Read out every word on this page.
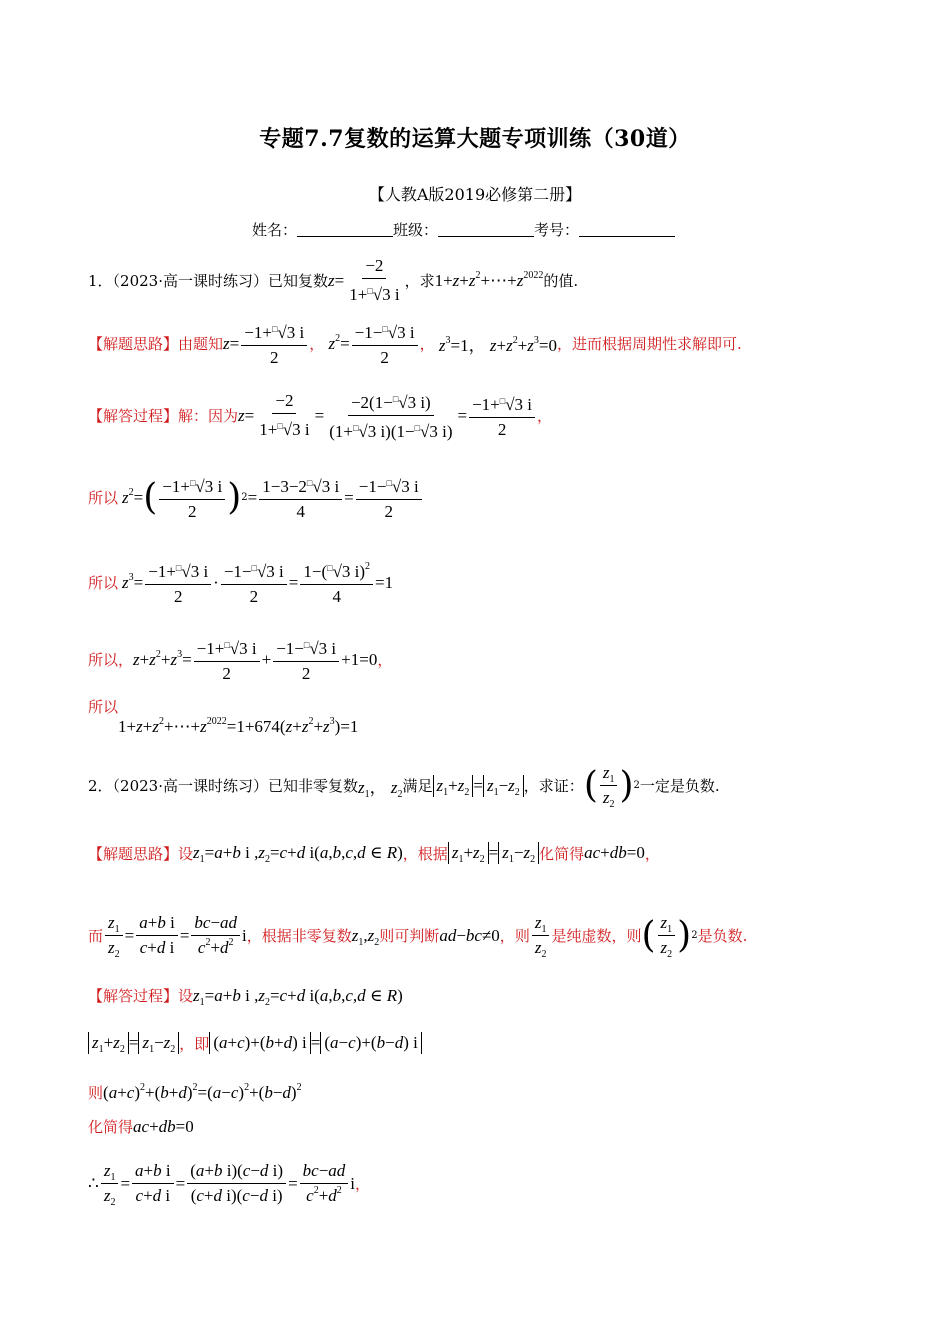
专题7.7复数的运算大题专项训练（30道）
【人教A版2019必修第二册】
姓名：	班级：	考号：
1．（2023·高一课时练习）已知复数 $z = \frac{-2}{1+^□√3 i}$ ，求 $1+z+z^2+\cdots+z^{2022}$ 的值.
【解题思路】 由题知 $z= \frac{-1+^□√3 i}{2}$ ， $z^2= \frac{-1-^□√3 i}{2}$ ， $z^3=1$， $z+z^2+z^3=0$ ，进而根据周期性求解即可.
【解答过程】 解：因为 $z= \frac{-2}{1+^□√3 i} = \frac{-2(1-^□√3 i)}{(1+^□√3 i)(1-^□√3 i)} = \frac{-1+^□√3 i}{2}$ ，
所以 $z^2=$ ( $\frac{-1+^□√3 i}{2}$ ) $2 = \frac{1-3-2^□√3 i}{4} = \frac{-1-^□√3 i}{2}$
所以 $z^3= \frac{-1+^□√3 i}{2} \cdot \frac{-1-^□√3 i}{2} = \frac{1-(^□√3 i)^2}{4} =1$
所以， $z+z^2+z^3= \frac{-1+^□√3 i}{2} + \frac{-1-^□√3 i}{2} +1=0$ ，
所以
$1+z+z^2+\cdots+z^{2022}=1+674(z+z^2+z^3)=1$
2．（2023·高一课时练习）已知非零复数 $z_1$， $z_2$ 满足 $z_1+z_2 = z_1-z_2$ ，求证： ( $\frac{z_1}{z_2}$ ) 2 一定是负数.
【解题思路】 设 $z_1=a+b$ i $,z_2=c+d$ i(a,b,c,d ∈ R) ， 根据 $z_1+z_2 = z_1-z_2$ 化简得 ac+db=0 ，
而 $\frac{z_1}{z_2} = \frac{\text{a+b i}}{\text{c+d i}} = \frac{bc-ad}{c^2+d^2}$ i ，根据非零复数 $z_1,z_2$ 则可判断 ad−bc≠0 ， 则 $\frac{z_1}{z_2}$ 是纯虚数，则 ( $\frac{z_1}{z_2}$ ) 2 是负数.
【解答过程】 设 $z_1=a+b$ i $,z_2=c+d$ i(a,b,c,d ∈ R)
$z_1+z_2 = z_1-z_2$ ， 即 (a+c)+(b+d) i = (a−c)+(b−d) i
则 $(a+c)^2+(b+d)^2=(a-c)^2+(b-d)^2$
化简得 ac+db=0
∴ $\frac{z_1}{z_2} = \frac{\text{a+b i}}{\text{c+d i}} = \frac{\text{(a+b i)(c−d i)}}{\text{(c+d i)(c−d i)}} = \frac{bc-ad}{c^2+d^2}$ i ，
